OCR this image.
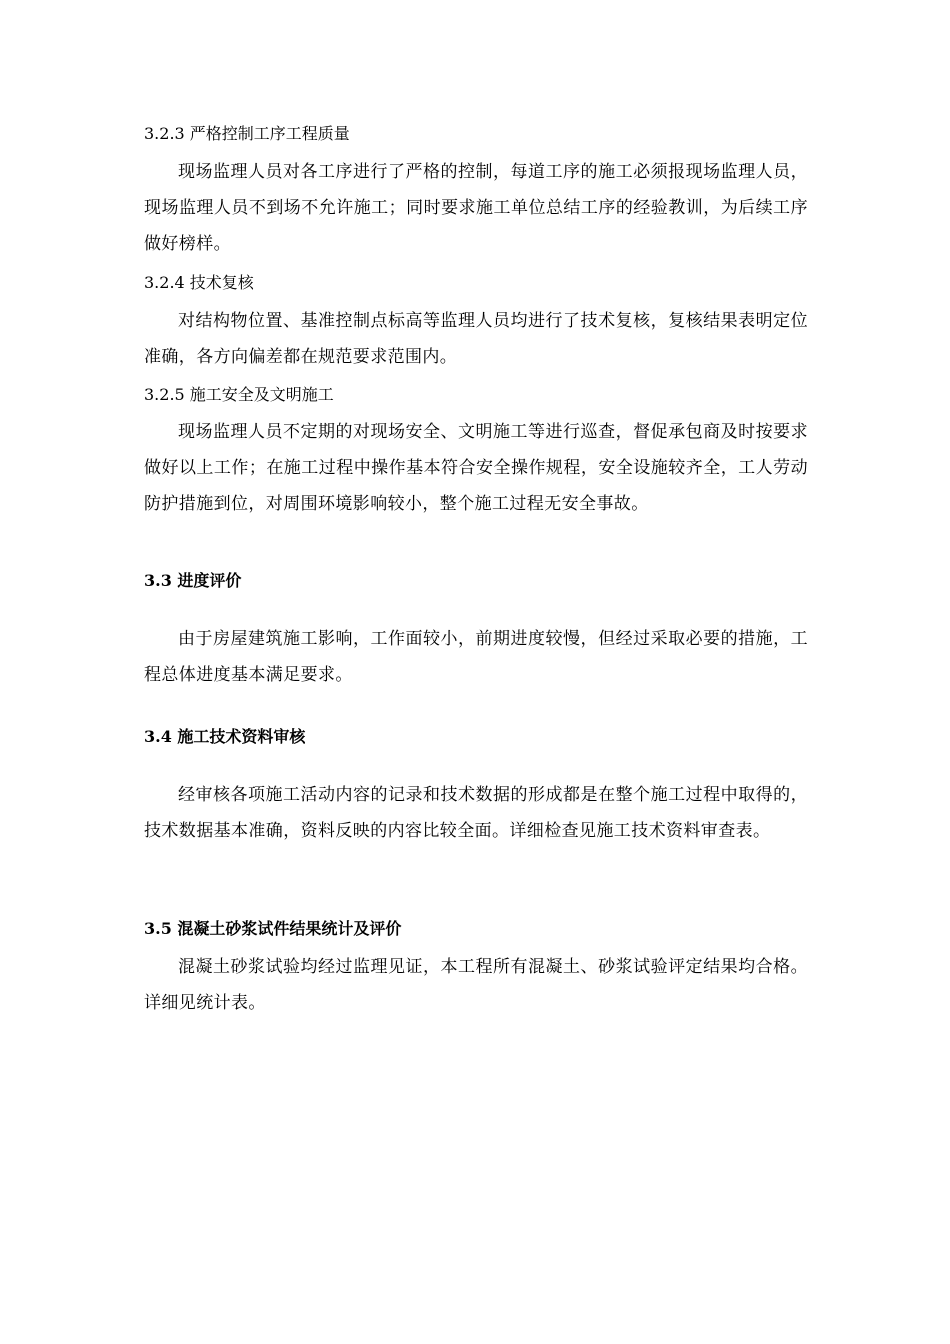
3.2.3 严格控制工序工程质量

现场监理人员对各工序进行了严格的控制，每道工序的施工必须报现场监理人员，现场监理人员不到场不允许施工；同时要求施工单位总结工序的经验教训，为后续工序做好榜样。

3.2.4 技术复核

对结构物位置、基准控制点标高等监理人员均进行了技术复核，复核结果表明定位准确，各方向偏差都在规范要求范围内。

3.2.5 施工安全及文明施工

现场监理人员不定期的对现场安全、文明施工等进行巡查，督促承包商及时按要求做好以上工作；在施工过程中操作基本符合安全操作规程，安全设施较齐全，工人劳动防护措施到位，对周围环境影响较小，整个施工过程无安全事故。

3.3 进度评价

由于房屋建筑施工影响，工作面较小，前期进度较慢，但经过采取必要的措施，工程总体进度基本满足要求。

3.4 施工技术资料审核

经审核各项施工活动内容的记录和技术数据的形成都是在整个施工过程中取得的，技术数据基本准确，资料反映的内容比较全面。详细检查见施工技术资料审查表。

3.5 混凝土砂浆试件结果统计及评价

混凝土砂浆试验均经过监理见证，本工程所有混凝土、砂浆试验评定结果均合格。详细见统计表。
